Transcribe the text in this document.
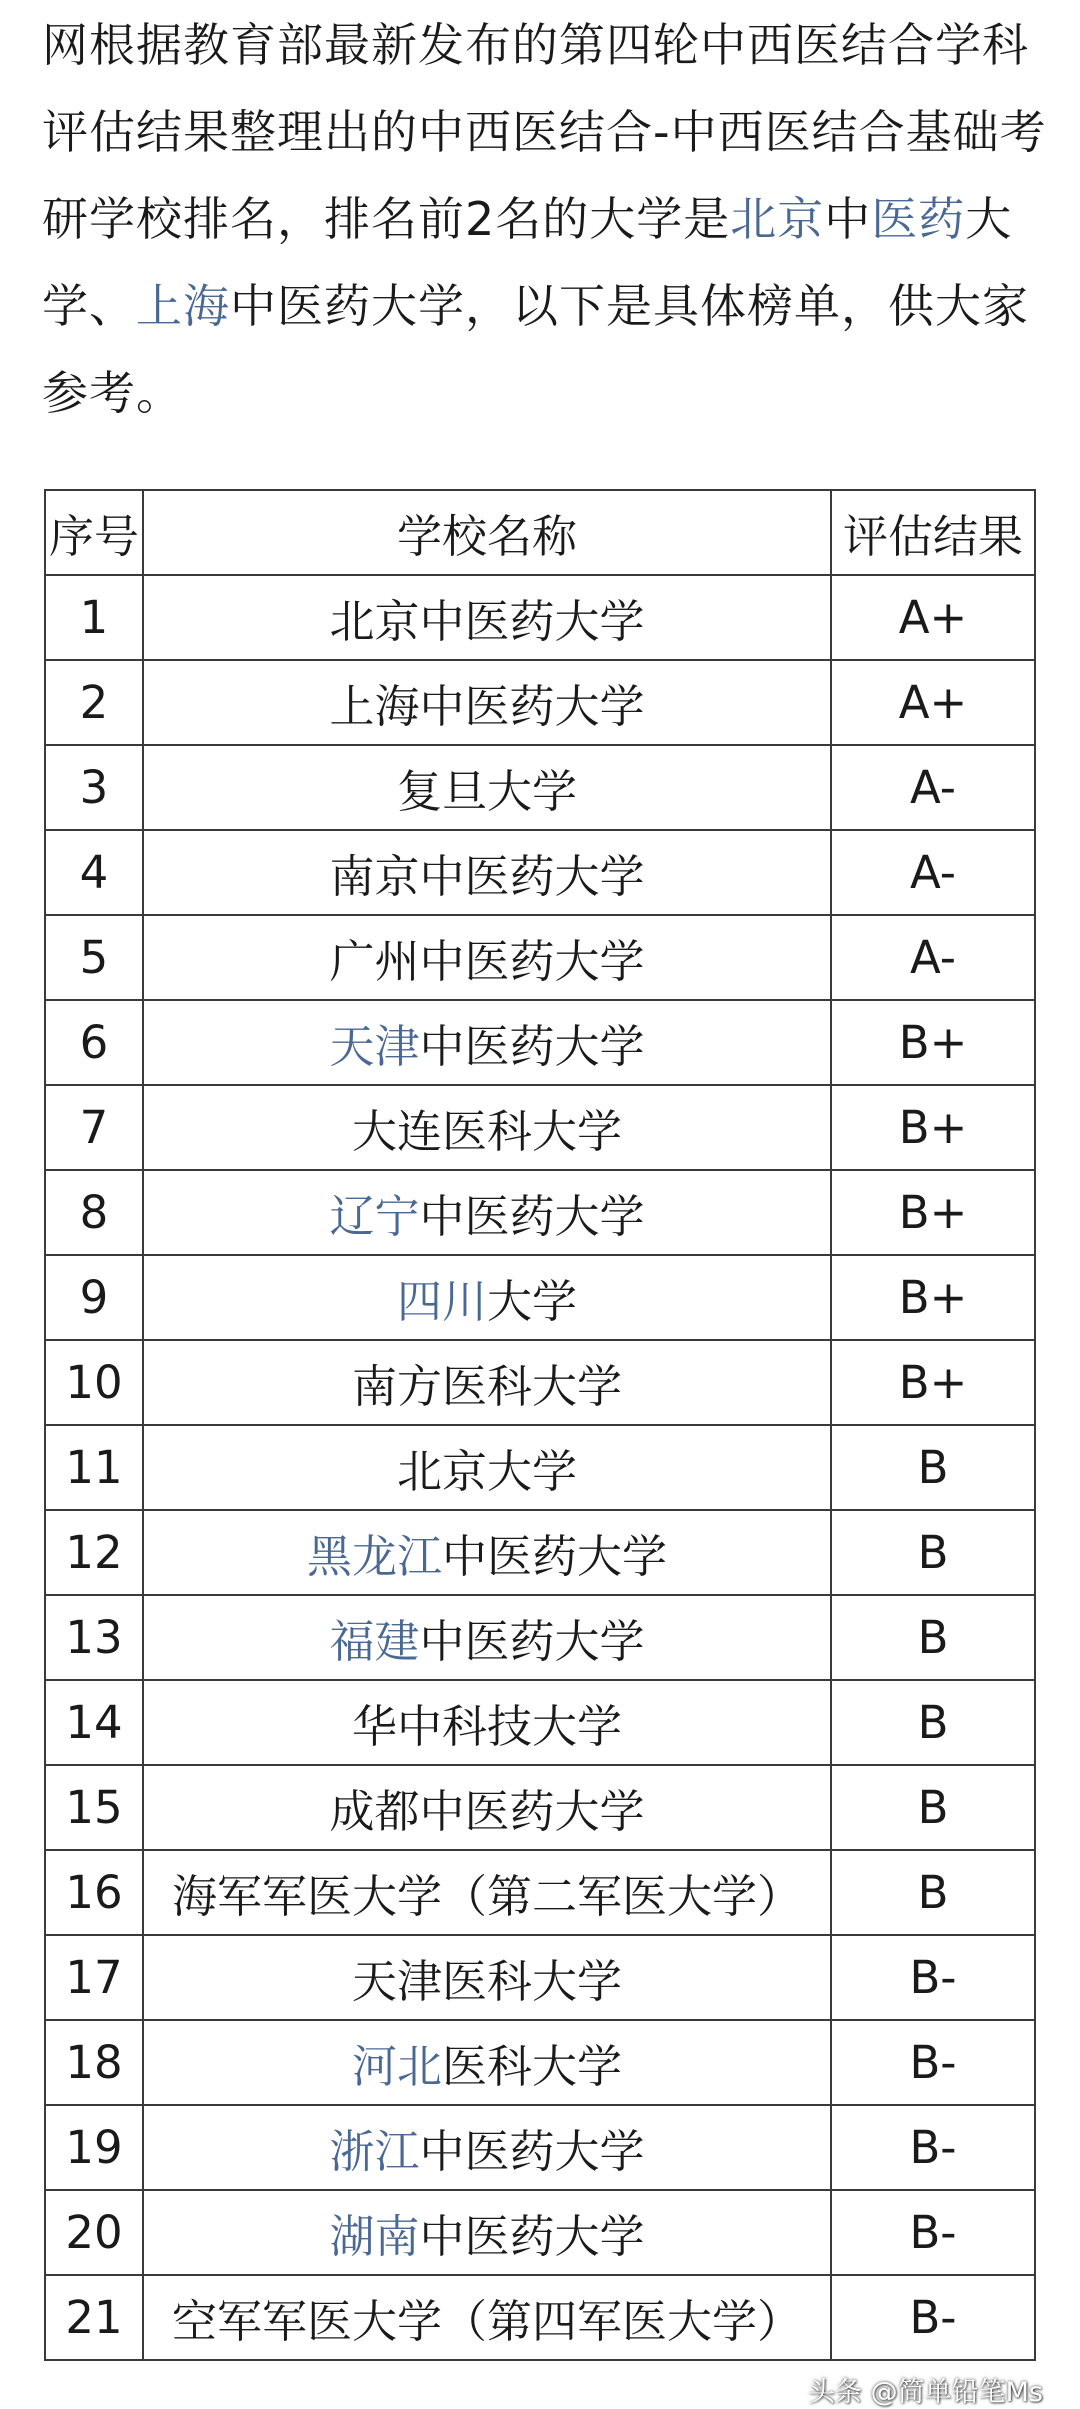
网根据教育部最新发布的第四轮中西医结合学科评估结果整理出的中西医结合-中西医结合基础考研学校排名，排名前2名的大学是北京中医药大学、上海中医药大学，以下是具体榜单，供大家参考。
序号	学校名称	评估结果
1	北京中医药大学	A+
2	上海中医药大学	A+
3	复旦大学	A-
4	南京中医药大学	A-
5	广州中医药大学	A-
6	天津中医药大学	B+
7	大连医科大学	B+
8	辽宁中医药大学	B+
9	四川大学	B+
10	南方医科大学	B+
11	北京大学	B
12	黑龙江中医药大学	B
13	福建中医药大学	B
14	华中科技大学	B
15	成都中医药大学	B
16	海军军医大学（第二军医大学）	B
17	天津医科大学	B-
18	河北医科大学	B-
19	浙江中医药大学	B-
20	湖南中医药大学	B-
21	空军军医大学（第四军医大学）	B-
头条 @简单铅笔Ms
